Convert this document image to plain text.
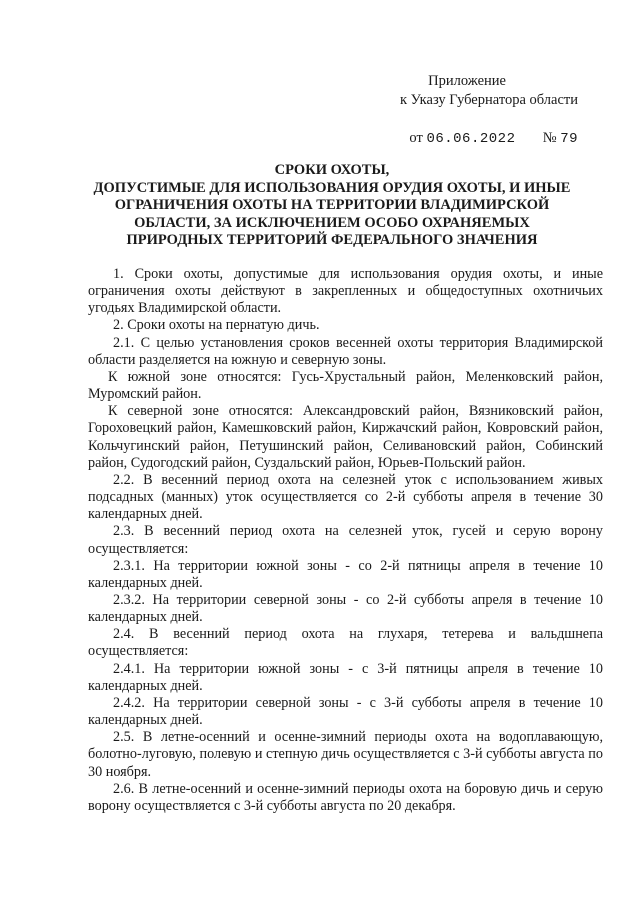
Приложение
к Указу Губернатора области
от 06.06.2022 № 79
СРОКИ ОХОТЫ,
ДОПУСТИМЫЕ ДЛЯ ИСПОЛЬЗОВАНИЯ ОРУДИЯ ОХОТЫ, И ИНЫЕ
ОГРАНИЧЕНИЯ ОХОТЫ НА ТЕРРИТОРИИ ВЛАДИМИРСКОЙ
ОБЛАСТИ, ЗА ИСКЛЮЧЕНИЕМ ОСОБО ОХРАНЯЕМЫХ
ПРИРОДНЫХ ТЕРРИТОРИЙ ФЕДЕРАЛЬНОГО ЗНАЧЕНИЯ

1. Сроки охоты, допустимые для использования орудия охоты, и иные ограничения охоты действуют в закрепленных и общедоступных охотничьих угодьях Владимирской области.

2. Сроки охоты на пернатую дичь.

2.1. С целью установления сроков весенней охоты территория Владимирской области разделяется на южную и северную зоны.

К южной зоне относятся: Гусь-Хрустальный район, Меленковский район, Муромский район.

К северной зоне относятся: Александровский район, Вязниковский район, Гороховецкий район, Камешковский район, Киржачский район, Ковровский район, Кольчугинский район, Петушинский район, Селивановский район, Собинский район, Судогодский район, Суздальский район, Юрьев-Польский район.

2.2. В весенний период охота на селезней уток с использованием живых подсадных (манных) уток осуществляется со 2-й субботы апреля в течение 30 календарных дней.

2.3. В весенний период охота на селезней уток, гусей и серую ворону осуществляется:

2.3.1. На территории южной зоны - со 2-й пятницы апреля в течение 10 календарных дней.

2.3.2. На территории северной зоны - со 2-й субботы апреля в течение 10 календарных дней.

2.4. В весенний период охота на глухаря, тетерева и вальдшнепа осуществляется:

2.4.1. На территории южной зоны - с 3-й пятницы апреля в течение 10 календарных дней.

2.4.2. На территории северной зоны - с 3-й субботы апреля в течение 10 календарных дней.

2.5. В летне-осенний и осенне-зимний периоды охота на водоплавающую, болотно-луговую, полевую и степную дичь осуществляется с 3-й субботы августа по 30 ноября.

2.6. В летне-осенний и осенне-зимний периоды охота на боровую дичь и серую ворону осуществляется с 3-й субботы августа по 20 декабря.
